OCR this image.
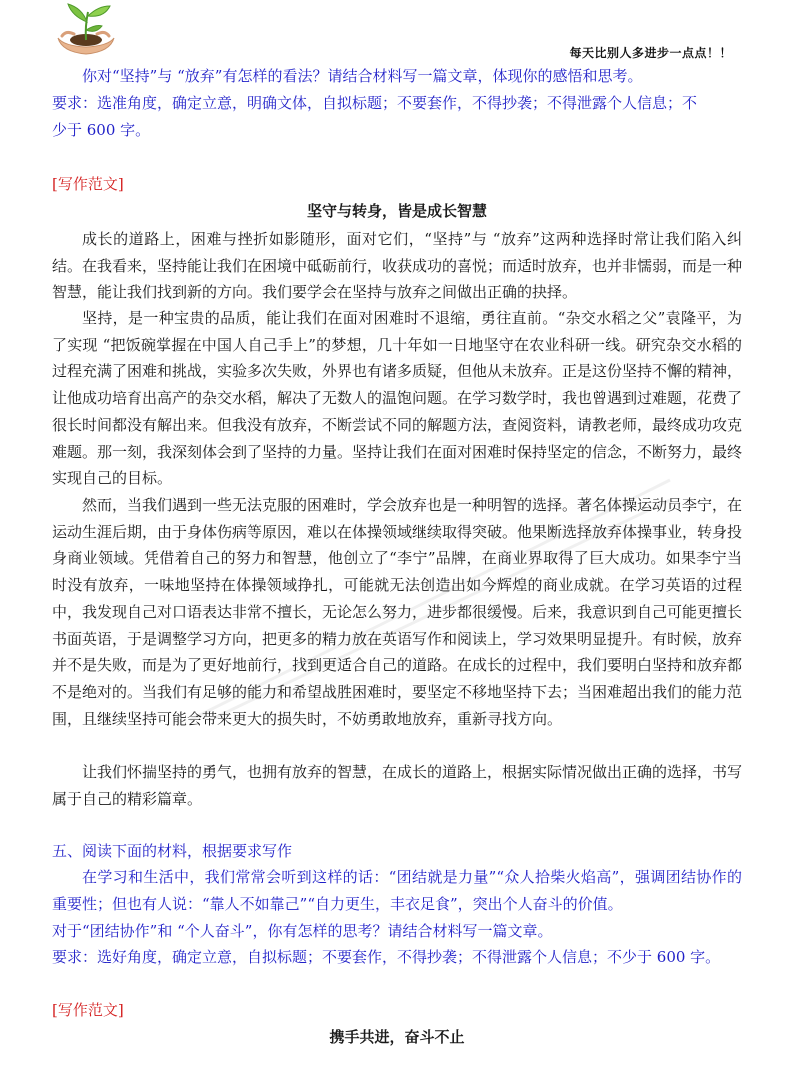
每天比别人多进步一点点！！
你对“坚持”与 “放弃”有怎样的看法？请结合材料写一篇文章，体现你的感悟和思考。
要求：选准角度，确定立意，明确文体，自拟标题；不要套作，不得抄袭；不得泄露个人信息；不
少于 600 字。
[写作范文]
坚守与转身，皆是成长智慧

成长的道路上，困难与挫折如影随形，面对它们，“坚持”与 “放弃”这两种选择时常让我们陷入纠结。在我看来，坚持能让我们在困境中砥砺前行，收获成功的喜悦；而适时放弃，也并非懦弱，而是一种智慧，能让我们找到新的方向。我们要学会在坚持与放弃之间做出正确的抉择。

坚持，是一种宝贵的品质，能让我们在面对困难时不退缩，勇往直前。“杂交水稻之父”袁隆平，为了实现 “把饭碗掌握在中国人自己手上”的梦想，几十年如一日地坚守在农业科研一线。研究杂交水稻的过程充满了困难和挑战，实验多次失败，外界也有诸多质疑，但他从未放弃。正是这份坚持不懈的精神，让他成功培育出高产的杂交水稻，解决了无数人的温饱问题。在学习数学时，我也曾遇到过难题，花费了很长时间都没有解出来。但我没有放弃，不断尝试不同的解题方法，查阅资料，请教老师，最终成功攻克难题。那一刻，我深刻体会到了坚持的力量。坚持让我们在面对困难时保持坚定的信念，不断努力，最终实现自己的目标。

然而，当我们遇到一些无法克服的困难时，学会放弃也是一种明智的选择。著名体操运动员李宁，在运动生涯后期，由于身体伤病等原因，难以在体操领域继续取得突破。他果断选择放弃体操事业，转身投身商业领域。凭借着自己的努力和智慧，他创立了“李宁”品牌，在商业界取得了巨大成功。如果李宁当时没有放弃，一味地坚持在体操领域挣扎，可能就无法创造出如今辉煌的商业成就。在学习英语的过程中，我发现自己对口语表达非常不擅长，无论怎么努力，进步都很缓慢。后来，我意识到自己可能更擅长书面英语，于是调整学习方向，把更多的精力放在英语写作和阅读上，学习效果明显提升。有时候，放弃并不是失败，而是为了更好地前行，找到更适合自己的道路。在成长的过程中，我们要明白坚持和放弃都不是绝对的。当我们有足够的能力和希望战胜困难时，要坚定不移地坚持下去；当困难超出我们的能力范围，且继续坚持可能会带来更大的损失时，不妨勇敢地放弃，重新寻找方向。

让我们怀揣坚持的勇气，也拥有放弃的智慧，在成长的道路上，根据实际情况做出正确的选择，书写属于自己的精彩篇章。

五、阅读下面的材料，根据要求写作

在学习和生活中，我们常常会听到这样的话：“团结就是力量”“众人拾柴火焰高”，强调团结协作的重要性；但也有人说：“靠人不如靠己”“自力更生，丰衣足食”，突出个人奋斗的价值。

对于“团结协作”和 “个人奋斗”，你有怎样的思考？请结合材料写一篇文章。
要求：选好角度，确定立意，自拟标题；不要套作，不得抄袭；不得泄露个人信息；不少于 600 字。
[写作范文]
携手共进，奋斗不止
